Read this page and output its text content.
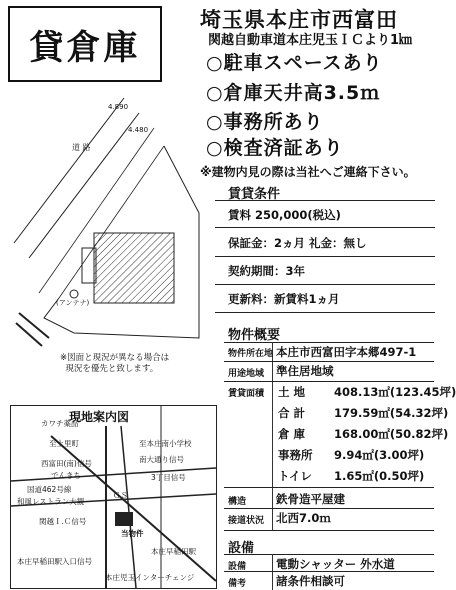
貸倉庫
埼玉県本庄市西富田
関越自動車道本庄児玉ＩＣより1㎞
○駐車スペースあり
○倉庫天井高3.5ｍ
○事務所あり
○検査済証あり
※建物内見の際は当社へご連絡下さい。
賃貸条件
賃料 250,000(税込)
保証金：2ヵ月 礼金：無し
契約期間：3年
更新料：新賃料1ヵ月
物件概要
物件所在地 本庄市西富田字本郷497-1
用途地域 準住居地域
賃貸面積	土 地	408.13㎡(123.45坪)
合 計	179.59㎡(54.32坪)
倉 庫	168.00㎡(50.82坪)
事務所 9.94㎡(3.00坪)
トイレ 1.65㎡(0.50坪)
構造	鉄骨造平屋建
接道状況 北西7.0ｍ
設備
設備	電動シャッター 外水道
備考	諸条件相談可
道 路
4.890
4.480
(アンテナ)
※図面と現況が異なる場合は
現況を優先と致します。
現地案内図
カワチ薬品
至上里町	至本庄南小学校
西富田(南)信号	南大通り信号
でんきち	3丁目信号
国道462号線
和風レストラン大観
ＧＳ
関越Ｉ.Ｃ信号
当物件
本庄早稲田駅
本庄早稲田駅入口信号
本庄児玉インターチェンジ
